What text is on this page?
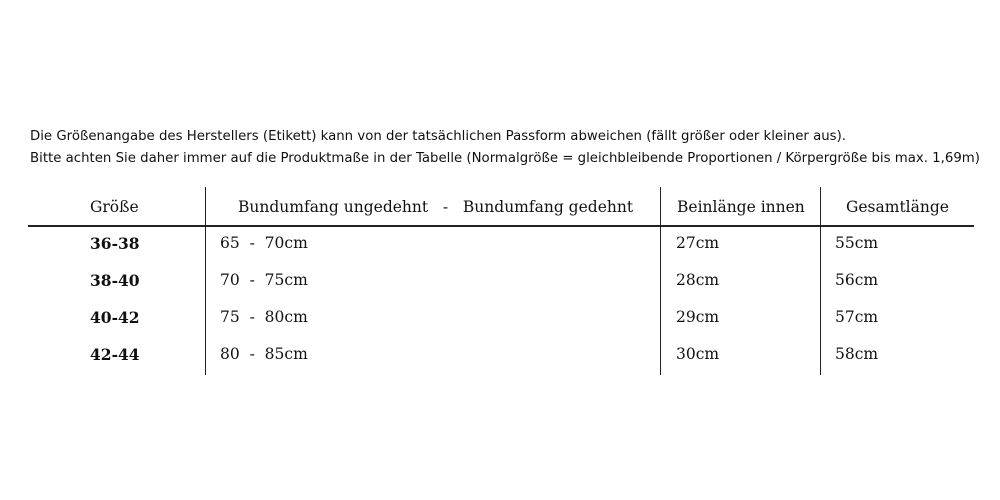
Die Größenangabe des Herstellers (Etikett) kann von der tatsächlichen Passform abweichen (fällt größer oder kleiner aus).

Bitte achten Sie daher immer auf die Produktmaße in der Tabelle (Normalgröße = gleichbleibende Proportionen / Körpergröße bis max. 1,69m)

Größe	Bundumfang ungedehnt   -   Bundumfang gedehnt	Beinlänge innen	Gesamtlänge
36-38	65  -  70cm	27cm	55cm
38-40	70  -  75cm	28cm	56cm
40-42	75  -  80cm	29cm	57cm
42-44	80  -  85cm	30cm	58cm
